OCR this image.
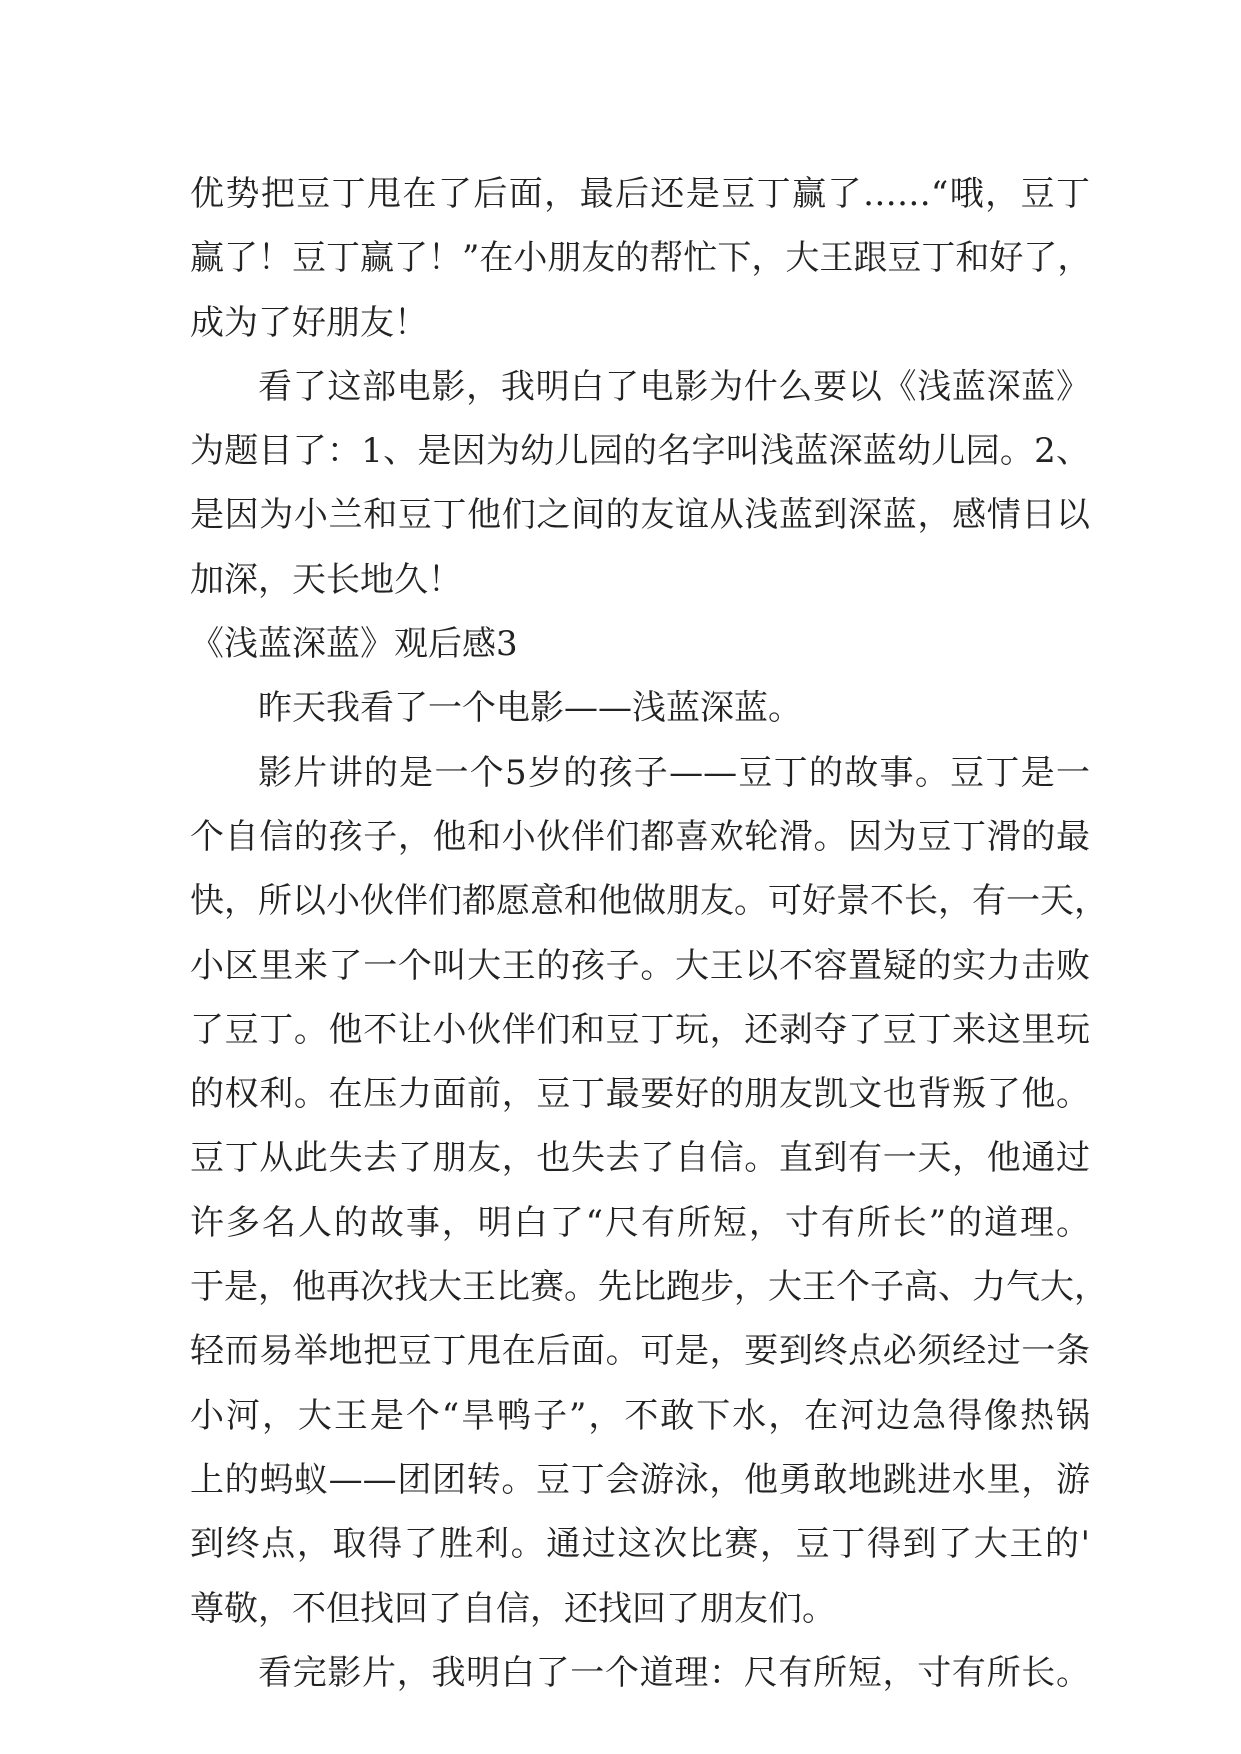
优势把豆丁甩在了后面，最后还是豆丁赢了……“哦，豆丁
赢了！豆丁赢了！”在小朋友的帮忙下，大王跟豆丁和好了，
成为了好朋友！
看了这部电影，我明白了电影为什么要以《浅蓝深蓝》
为题目了：1、是因为幼儿园的名字叫浅蓝深蓝幼儿园。2、
是因为小兰和豆丁他们之间的友谊从浅蓝到深蓝，感情日以
加深，天长地久！
《浅蓝深蓝》观后感3
昨天我看了一个电影——浅蓝深蓝。
影片讲的是一个5岁的孩子——豆丁的故事。豆丁是一
个自信的孩子，他和小伙伴们都喜欢轮滑。因为豆丁滑的最
快，所以小伙伴们都愿意和他做朋友。可好景不长，有一天，
小区里来了一个叫大王的孩子。大王以不容置疑的实力击败
了豆丁。他不让小伙伴们和豆丁玩，还剥夺了豆丁来这里玩
的权利。在压力面前，豆丁最要好的朋友凯文也背叛了他。
豆丁从此失去了朋友，也失去了自信。直到有一天，他通过
许多名人的故事，明白了“尺有所短，寸有所长”的道理。
于是，他再次找大王比赛。先比跑步，大王个子高、力气大，
轻而易举地把豆丁甩在后面。可是，要到终点必须经过一条
小河，大王是个“旱鸭子”，不敢下水，在河边急得像热锅
上的蚂蚁——团团转。豆丁会游泳，他勇敢地跳进水里，游
到终点，取得了胜利。通过这次比赛，豆丁得到了大王的'
尊敬，不但找回了自信，还找回了朋友们。
看完影片，我明白了一个道理：尺有所短，寸有所长。
